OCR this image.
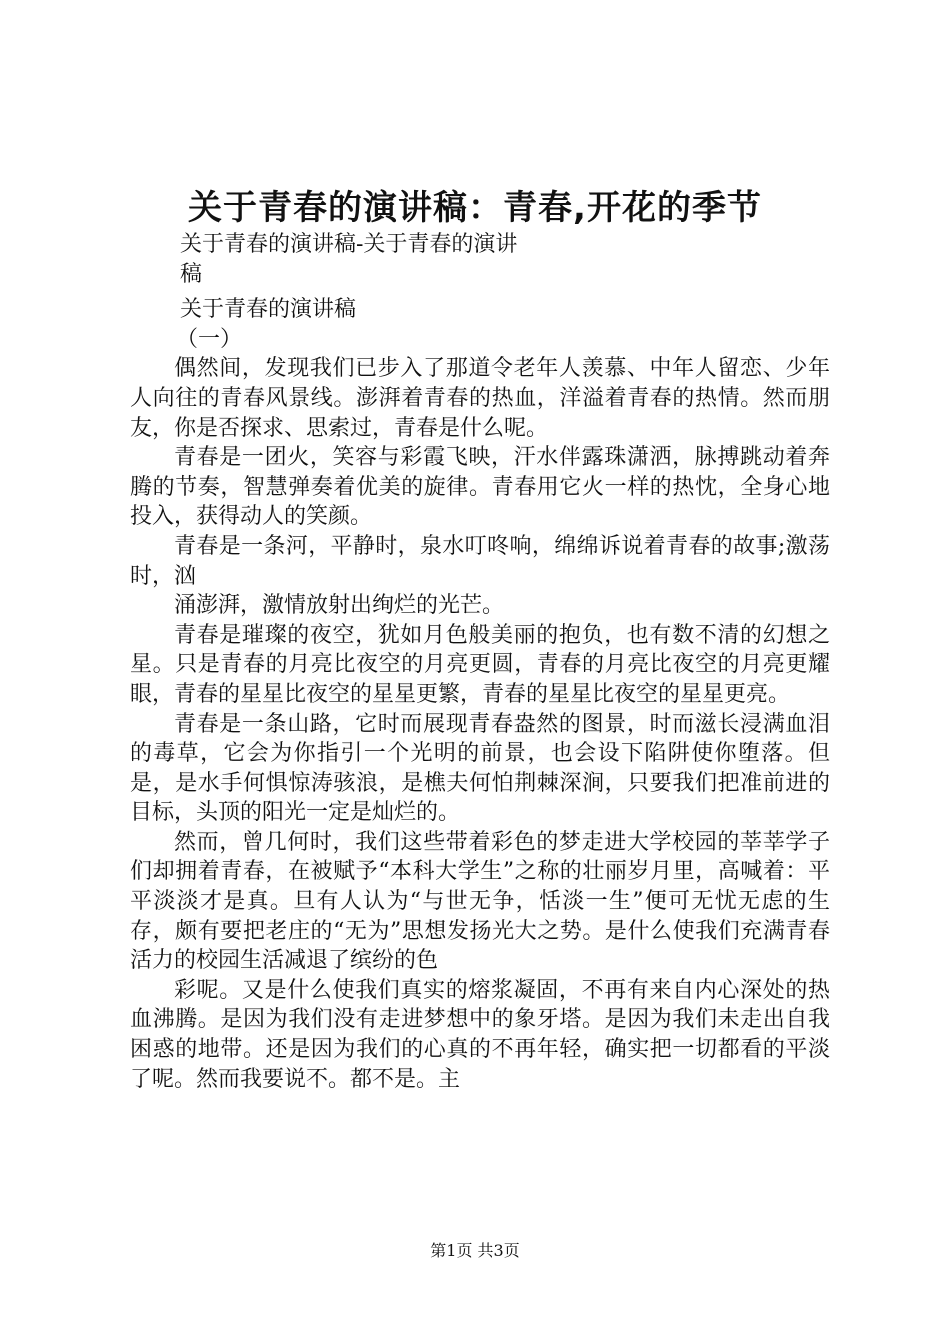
关于青春的演讲稿：青春,开花的季节

关于青春的演讲稿-关于青春的演讲

稿

关于青春的演讲稿

（一）

偶然间，发现我们已步入了那道令老年人羡慕、中年人留恋、少年人向往的青春风景线。澎湃着青春的热血，洋溢着青春的热情。然而朋友，你是否探求、思索过，青春是什么呢。

青春是一团火，笑容与彩霞飞映，汗水伴露珠潇洒，脉搏跳动着奔腾的节奏，智慧弹奏着优美的旋律。青春用它火一样的热忱，全身心地投入，获得动人的笑颜。

青春是一条河，平静时，泉水叮咚响，绵绵诉说着青春的故事;激荡时，汹

涌澎湃，激情放射出绚烂的光芒。

青春是璀璨的夜空，犹如月色般美丽的抱负，也有数不清的幻想之星。只是青春的月亮比夜空的月亮更圆，青春的月亮比夜空的月亮更耀眼，青春的星星比夜空的星星更繁，青春的星星比夜空的星星更亮。

青春是一条山路，它时而展现青春盎然的图景，时而滋长浸满血泪的毒草，它会为你指引一个光明的前景，也会设下陷阱使你堕落。但是，是水手何惧惊涛骇浪，是樵夫何怕荆棘深涧，只要我们把准前进的目标，头顶的阳光一定是灿烂的。

然而，曾几何时，我们这些带着彩色的梦走进大学校园的莘莘学子们却拥着青春，在被赋予“本科大学生”之称的壮丽岁月里，高喊着：平平淡淡才是真。旦有人认为“与世无争，恬淡一生”便可无忧无虑的生存，颇有要把老庄的“无为”思想发扬光大之势。是什么使我们充满青春活力的校园生活减退了缤纷的色

彩呢。又是什么使我们真实的熔浆凝固，不再有来自内心深处的热血沸腾。是因为我们没有走进梦想中的象牙塔。是因为我们未走出自我困惑的地带。还是因为我们的心真的不再年轻，确实把一切都看的平淡了呢。然而我要说不。都不是。主

第1页 共3页
